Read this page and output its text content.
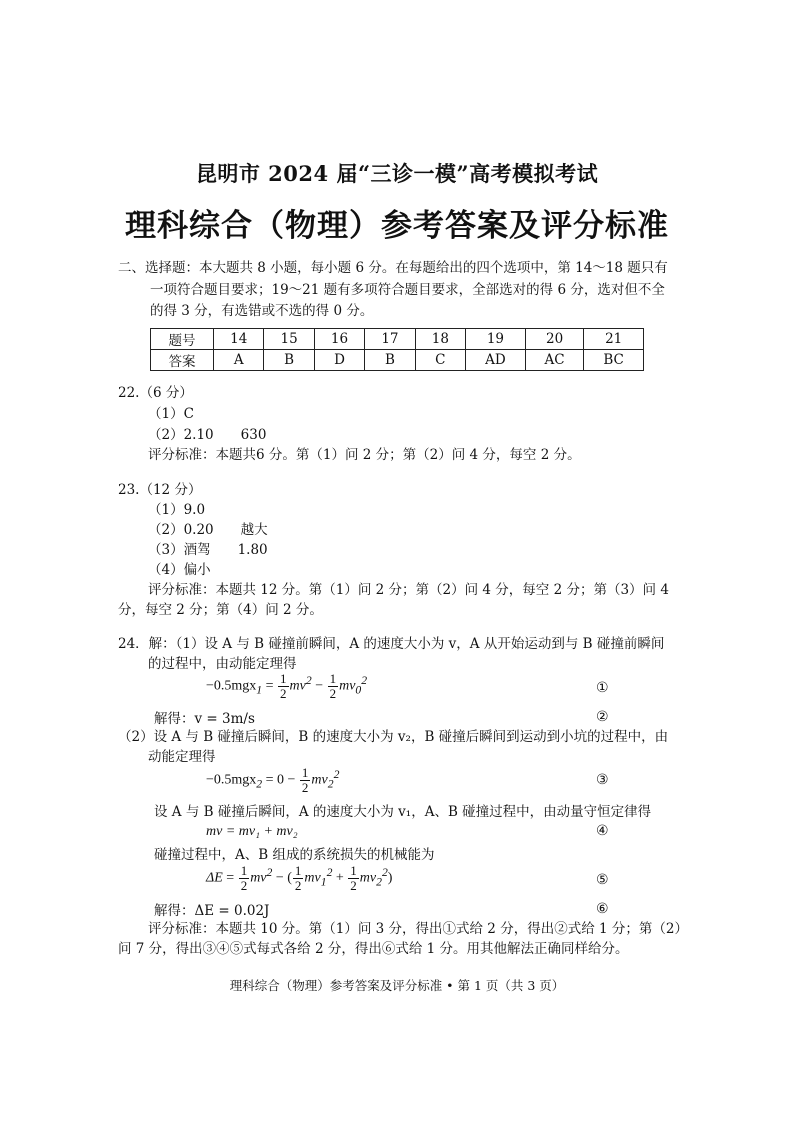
昆明市 2024 届“三诊一模”高考模拟考试
理科综合（物理）参考答案及评分标准
二、选择题：本大题共 8 小题，每小题 6 分。在每题给出的四个选项中，第 14～18 题只有
一项符合题目要求；19～21 题有多项符合题目要求，全部选对的得 6 分，选对但不全
的得 3 分，有选错或不选的得 0 分。
题号	14	15	16	17	18	19	20	21
答案	A	B	D	B	C	AD	AC	BC
22.（6 分）
（1）C
（2）2.10　　630
评分标准：本题共6 分。第（1）问 2 分；第（2）问 4 分，每空 2 分。
23.（12 分）
（1）9.0
（2）0.20　　越大
（3）酒驾　　1.80
（4）偏小
评分标准：本题共 12 分。第（1）问 2 分；第（2）问 4 分，每空 2 分；第（3）问 4
分，每空 2 分；第（4）问 2 分。
24．解：（1）设 A 与 B 碰撞前瞬间，A 的速度大小为 v，A 从开始运动到与 B 碰撞前瞬间
的过程中，由动能定理得
$-0.5mgx_1 = \frac{1}{2} mv^2 - \frac{1}{2} mv_0^2$	①
解得：v = 3m/s	②
（2）设 A 与 B 碰撞后瞬间，B 的速度大小为 v₂，B 碰撞后瞬间到运动到小坑的过程中，由
动能定理得
$-0.5mgx_2 = 0 - \frac{1}{2} mv_2^2$	③
设 A 与 B 碰撞后瞬间，A 的速度大小为 v₁，A、B 碰撞过程中，由动量守恒定律得
mv = mv₁ + mv₂	④
碰撞过程中，A、B 组成的系统损失的机械能为
$\Delta E = \frac{1}{2} mv^2$ − ( $\frac{1}{2} mv_1^2 + \frac{1}{2} mv_2^2$)	⑤
解得：ΔE = 0.02J	⑥
评分标准：本题共 10 分。第（1）问 3 分，得出①式给 2 分，得出②式给 1 分；第（2）
问 7 分，得出③④⑤式每式各给 2 分，得出⑥式给 1 分。用其他解法正确同样给分。
理科综合（物理）参考答案及评分标准 • 第 1 页（共 3 页）
